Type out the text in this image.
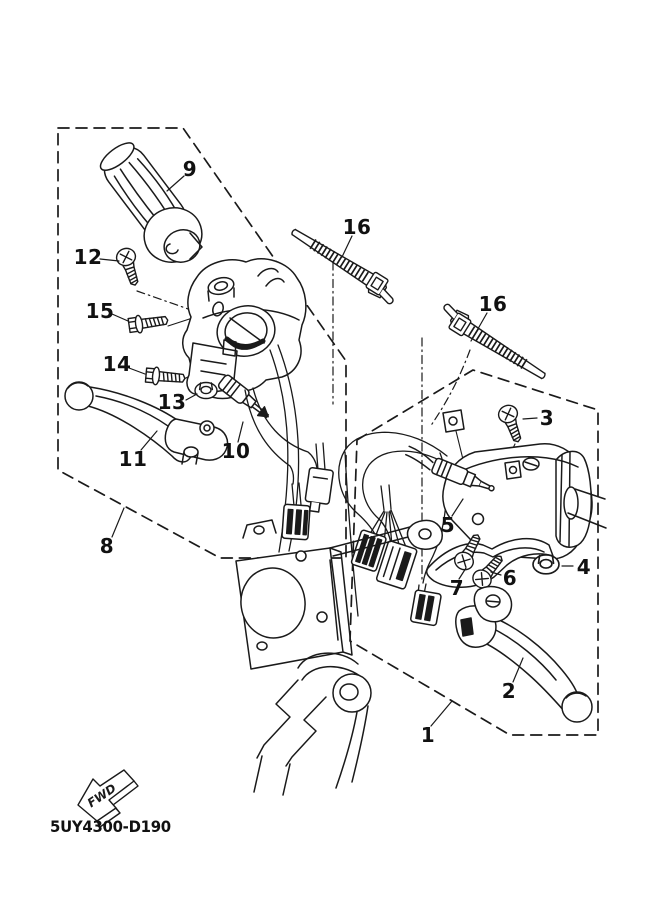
FWD
9
12
15
14
13
11	10
8
16
16
3
5
7 6	4
2
1
5UY4300-D190
